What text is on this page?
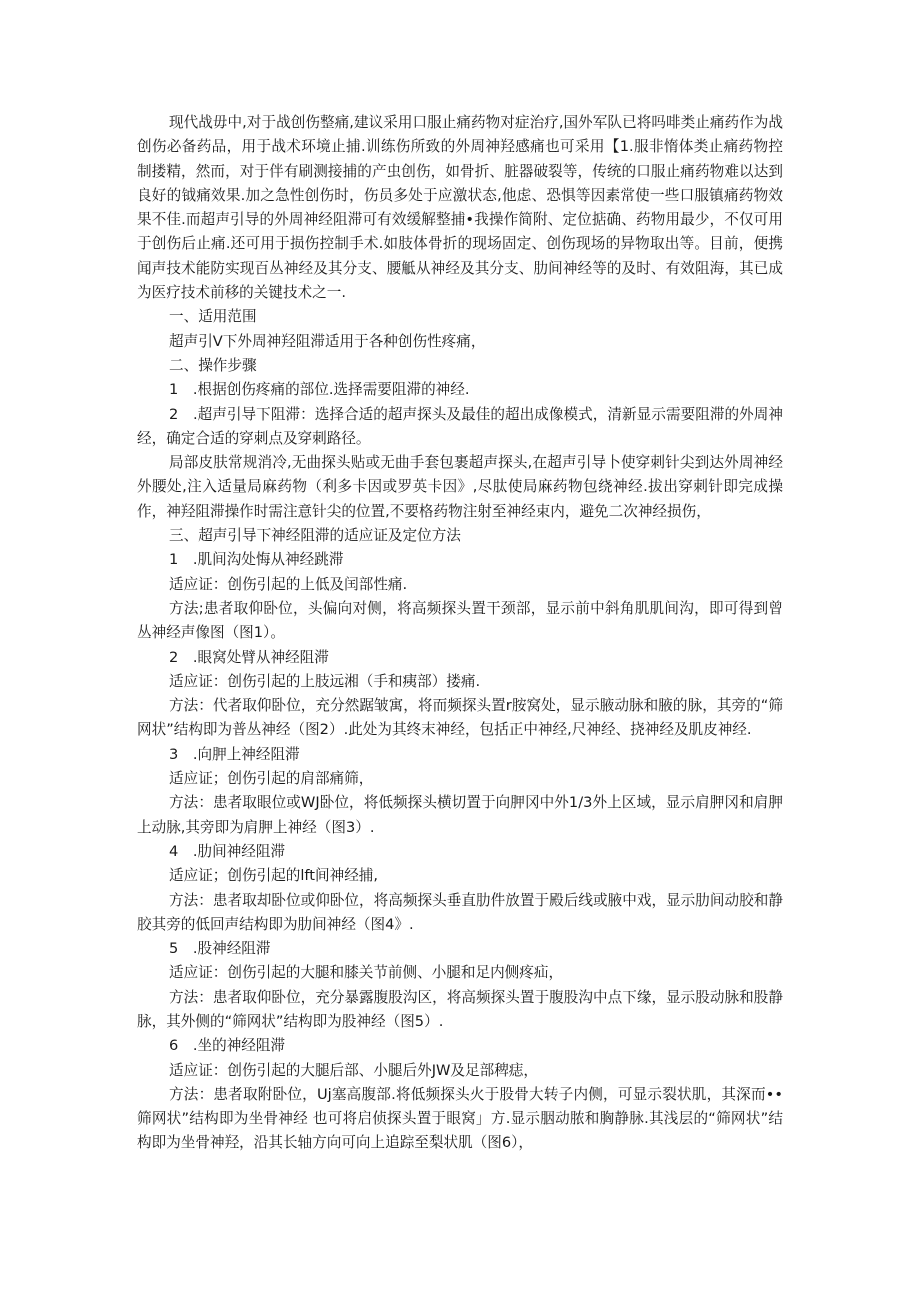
现代战毋中,对于战创伤整痛,建议采用口服止痛药物对症治疗,国外军队已将吗啡类止痛药作为战创伤必备药品，用于战术环境止捕.训练伤所致的外周神羟感痛也可采用【1.服非惰体类止痛药物控制搂精，然而，对于伴有刷测接捕的产虫创伤，如骨折、脏器破裂等，传统的口服止痛药物难以达到良好的钺痛效果.加之急性创伤时，伤员多处于应激状态,他虑、恐惧等因素常使一些口服镇痛药物效果不佳.而超声引导的外周神经阻滞可有效缓解整捕•我操作简附、定位掂确、药物用最少，不仅可用于创伤后止痛.还可用于损伤控制手术.如肢体骨折的现场固定、创伤现场的异物取出等。目前，便携闻声技术能防实现百丛神经及其分支、腰觝从神经及其分支、肋间神经等的及时、有效阻海，其已成为医疗技术前移的关键技术之一.

一、适用范围

超声引V下外周神羟阻滞适用于各种创伤性疼痛，

二、操作步骤

1　.根据创伤疼痛的部位.选择需要阻滞的神经.

2　.超声引导下阻滞：选择合适的超声探头及最佳的超出成像模式，清新显示需要阻滞的外周神经，确定合适的穿刺点及穿刺路径。

局部皮肤常规消冷,无曲探头贴或无曲手套包裹超声探头,在超声引导卜使穿刺针尖到达外周神经外腰处,注入适量局麻药物（利多卡因或罗英卡因》,尽肽使局麻药物包绕神经.拔出穿刺针即完成操作，神羟阻滞操作时需注意针尖的位置,不要格药物注射至神经束内，避免二次神经损伤，

三、超声引导下神经阻滞的适应证及定位方法

1　.肌间沟处悔从神经跳滞

适应证：创伤引起的上低及闰部性痛.

方法;患者取仰卧位，头偏向对侧，将高频探头置干颈部，显示前中斜角肌肌间沟，即可得到曾丛神经声像图（图1）。

2　.眼窝处臂从神经阻滞

适应证：创伤引起的上肢远湘（手和痍部）搂痛.

方法：代者取仰卧位，充分然踞皱寓，将而频探头置r胺窝处，显示腋动脉和腋的脉，其旁的“筛网状”结构即为普丛神经（图2）.此处为其终末神经，包括正中神经,尺神经、挠神经及肌皮神经.

3　.向胛上神经阻滞

适应证；创伤引起的肩部痛筛，

方法：患者取眼位或WJ卧位，将低频探头横切置于向胛冈中外1/3外上区域，显示肩胛冈和肩胛上动脉,其旁即为肩胛上神经（图3）.

4　.肋间神经阻滞

适应证；创伤引起的lft间神经捕,

方法：患者取却卧位或仰卧位，将高频探头垂直肋件放置于殿后线或腋中戏，显示肋间动胶和静胶其旁的低回声结构即为肋间神经（图4》.

5　.股神经阻滞

适应证：创伤引起的大腿和膝关节前侧、小腿和足内侧疼疝，

方法：患者取仰卧位，充分暴露腹股沟区，将高频探头置于腹股沟中点下缘，显示股动脉和股静脉，其外侧的“筛网状”结构即为股神经（图5）.

6　.坐的神经阻滞

适应证：创伤引起的大腿后部、小腿后外JW及足部稗痣，

方法：患者取附卧位，Uj塞高腹部.将低频探头火于股骨大转子内侧，可显示裂状肌，其深而••筛网状”结构即为坐骨神经 也可将启侦探头置于眼窝」方.显示胭动脓和胸静脉.其浅层的“筛网状”结构即为坐骨神羟，沿其长轴方向可向上追踪至梨状肌（图6），
